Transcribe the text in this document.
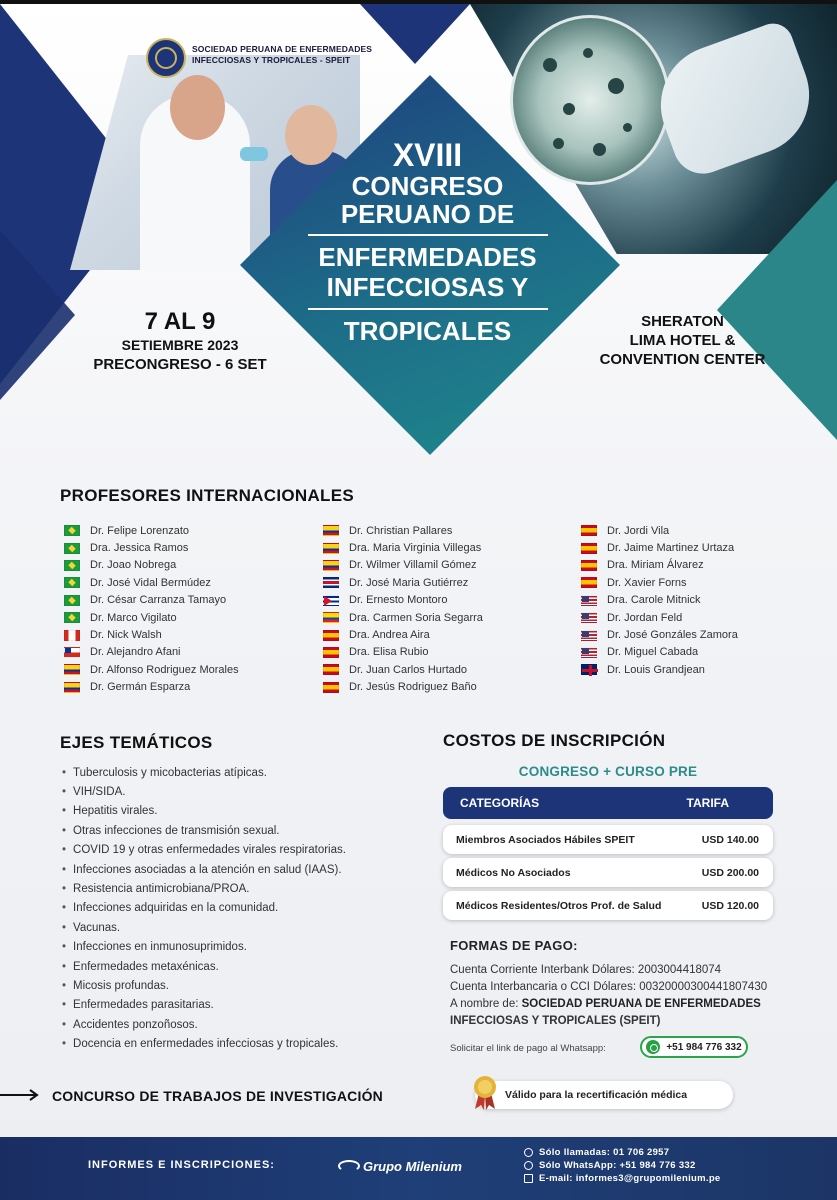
SOCIEDAD PERUANA DE ENFERMEDADES
INFECCIOSAS Y TROPICALES - SPEIT
XVIII
CONGRESO
PERUANO DE
ENFERMEDADES
INFECCIOSAS Y
TROPICALES
7 AL 9
SETIEMBRE 2023
PRECONGRESO - 6 SET
SHERATON
LIMA HOTEL &
CONVENTION CENTER
PROFESORES INTERNACIONALES
Dr. Felipe Lorenzato
Dra. Jessica Ramos
Dr. Joao Nobrega
Dr. José Vidal Bermúdez
Dr. César Carranza Tamayo
Dr. Marco Vigilato
Dr. Nick Walsh
Dr. Alejandro Afani
Dr. Alfonso Rodriguez Morales
Dr. Germán Esparza
Dr. Christian Pallares
Dra. Maria Virginia Villegas
Dr. Wilmer Villamil Gómez
Dr. José Maria Gutiérrez
Dr. Ernesto Montoro
Dra. Carmen Soria Segarra
Dra. Andrea Aira
Dra. Elisa Rubio
Dr. Juan Carlos Hurtado
Dr. Jesús Rodriguez Baño
Dr. Jordi Vila
Dr. Jaime Martinez Urtaza
Dra. Miriam Álvarez
Dr. Xavier Forns
Dra. Carole Mitnick
Dr. Jordan Feld
Dr. José Gonzáles Zamora
Dr. Miguel Cabada
Dr. Louis Grandjean
EJES TEMÁTICOS
• Tuberculosis y micobacterias atípicas.
• VIH/SIDA.
• Hepatitis virales.
• Otras infecciones de transmisión sexual.
• COVID 19 y otras enfermedades virales respiratorias.
• Infecciones asociadas a la atención en salud (IAAS).
• Resistencia antimicrobiana/PROA.
• Infecciones adquiridas en la comunidad.
• Vacunas.
• Infecciones en inmunosuprimidos.
• Enfermedades metaxénicas.
• Micosis profundas.
• Enfermedades parasitarias.
• Accidentes ponzoñosos.
• Docencia en enfermedades infecciosas y tropicales.
COSTOS DE INSCRIPCIÓN
CONGRESO + CURSO PRE
CATEGORÍAS	TARIFA
Miembros Asociados Hábiles SPEIT	USD 140.00
Médicos No Asociados	USD 200.00
Médicos Residentes/Otros Prof. de Salud	USD 120.00
FORMAS DE PAGO:
Cuenta Corriente Interbank Dólares: 2003004418074
Cuenta Interbancaria o CCI Dólares: 00320000300441807430
A nombre de: SOCIEDAD PERUANA DE ENFERMEDADES
INFECCIOSAS Y TROPICALES (SPEIT)
Solicitar el link de pago al Whatsapp:	+51 984 776 332
CONCURSO DE TRABAJOS DE INVESTIGACIÓN	Válido para la recertificación médica
INFORMES E INSCRIPCIONES:	Grupo Milenium
Sólo llamadas: 01 706 2957
Sólo WhatsApp: +51 984 776 332
E-mail: informes3@grupomilenium.pe
